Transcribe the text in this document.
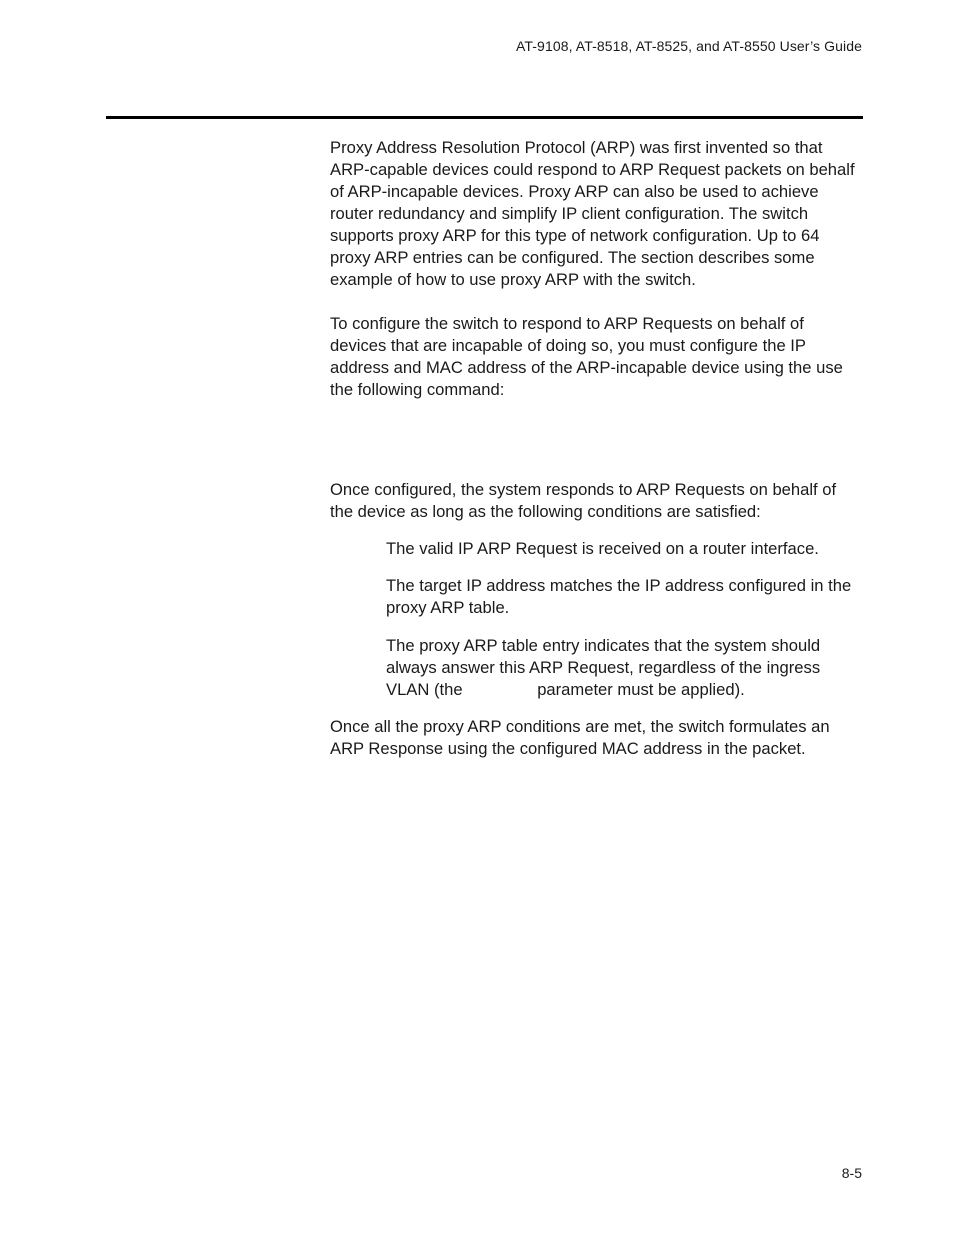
AT-9108, AT-8518, AT-8525, and AT-8550 User’s Guide

Proxy Address Resolution Protocol (ARP) was first invented so that ARP-capable devices could respond to ARP Request packets on behalf of ARP-incapable devices. Proxy ARP can also be used to achieve router redundancy and simplify IP client configuration. The switch supports proxy ARP for this type of network configuration. Up to 64 proxy ARP entries can be configured. The section describes some example of how to use proxy ARP with the switch.

To configure the switch to respond to ARP Requests on behalf of devices that are incapable of doing so, you must configure the IP address and MAC address of the ARP-incapable device using the use the following command:

Once configured, the system responds to ARP Requests on behalf of the device as long as the following conditions are satisfied:

The valid IP ARP Request is received on a router interface.
The target IP address matches the IP address configured in the proxy ARP table.
The proxy ARP table entry indicates that the system should always answer this ARP Request, regardless of the ingress VLAN (the	parameter must be applied).

Once all the proxy ARP conditions are met, the switch formulates an ARP Response using the configured MAC address in the packet.

8-5
